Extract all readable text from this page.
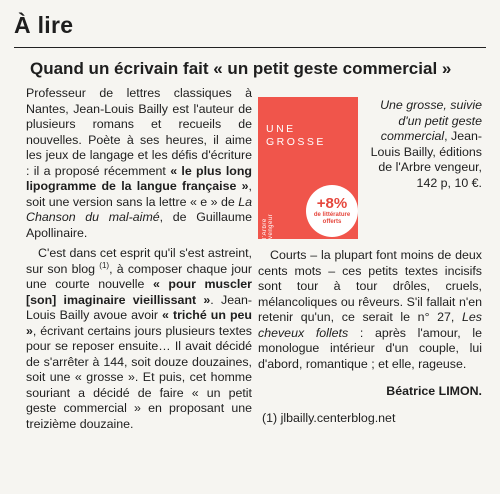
À lire
Quand un écrivain fait « un petit geste commercial »

Professeur de lettres classiques à Nantes, Jean-Louis Bailly est l'auteur de plusieurs romans et recueils de nouvelles. Poète à ses heures, il aime les jeux de langage et les défis d'écriture : il a proposé récemment « le plus long lipogramme de la langue française », soit une version sans la lettre « e » de La Chanson du mal-aimé, de Guillaume Apollinaire.

C'est dans cet esprit qu'il s'est astreint, sur son blog $^{(1)}$, à composer chaque jour une courte nouvelle « pour muscler [son] imaginaire vieillissant ». Jean-Louis Bailly avoue avoir « triché un peu », écrivant certains jours plusieurs textes pour se reposer ensuite… Il avait décidé de s'arrêter à 144, soit douze douzaines, soit une « grosse ». Et puis, cet homme souriant a décidé de faire « un petit geste commercial » en proposant une treizième douzaine.

UNE
GROSSE
l'Arbre vengeur
+8%
de littérature
offerts
Une grosse, suivie d'un petit geste commercial, Jean-Louis Bailly, éditions de l'Arbre vengeur, 142 p, 10 €.

Courts – la plupart font moins de deux cents mots – ces petits textes incisifs sont tour à tour drôles, cruels, mélancoliques ou rêveurs. S'il fallait n'en retenir qu'un, ce serait le n° 27, Les cheveux follets : après l'amour, le monologue intérieur d'un couple, lui d'abord, romantique ; et elle, rageuse.

Béatrice LIMON.
(1) jlbailly.centerblog.net
